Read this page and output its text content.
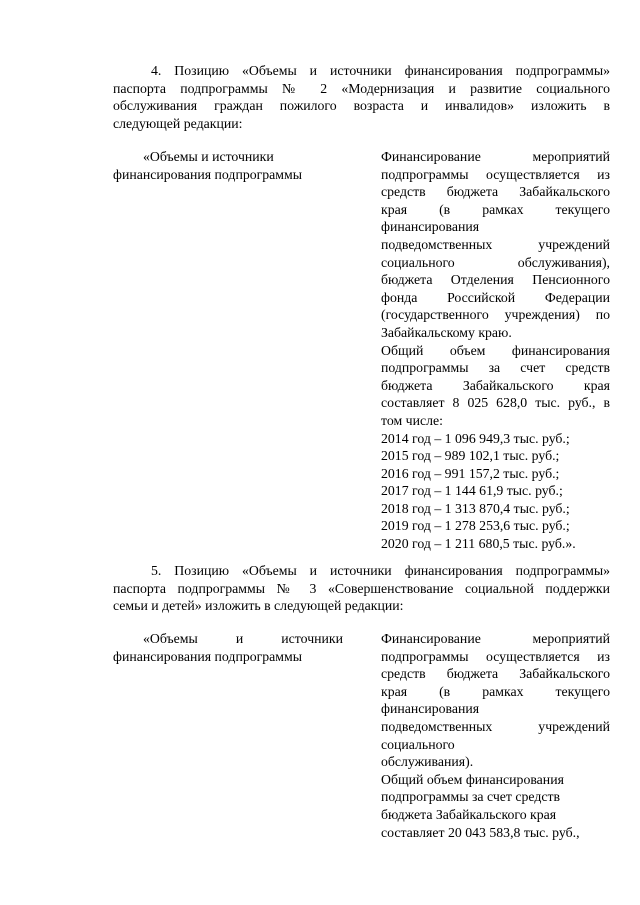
4. Позицию «Объемы и источники финансирования подпрограммы»
паспорта подпрограммы № 2 «Модернизация и развитие социального
обслуживания граждан пожилого возраста и инвалидов» изложить в
следующей редакции:
«Объемы и источники
финансирования подпрограммы
Финансирование мероприятий
подпрограммы осуществляется из
средств бюджета Забайкальского
края (в рамках текущего
финансирования
подведомственных учреждений
социального обслуживания),
бюджета Отделения Пенсионного
фонда Российской Федерации
(государственного учреждения) по
Забайкальскому краю.
Общий объем финансирования
подпрограммы за счет средств
бюджета Забайкальского края
составляет 8 025 628,0 тыс. руб., в
том числе:
2014 год – 1 096 949,3 тыс. руб.;
2015 год – 989 102,1 тыс. руб.;
2016 год – 991 157,2 тыс. руб.;
2017 год – 1 144 61,9 тыс. руб.;
2018 год – 1 313 870,4 тыс. руб.;
2019 год – 1 278 253,6 тыс. руб.;
2020 год – 1 211 680,5 тыс. руб.».
5. Позицию «Объемы и источники финансирования подпрограммы»
паспорта подпрограммы № 3 «Совершенствование социальной поддержки
семьи и детей» изложить в следующей редакции:
«Объемы и источники
финансирования подпрограммы
Финансирование мероприятий
подпрограммы осуществляется из
средств бюджета Забайкальского
края (в рамках текущего
финансирования
подведомственных учреждений
социального
обслуживания).
Общий объем финансирования
подпрограммы за счет средств
бюджета Забайкальского края
составляет 20 043 583,8 тыс. руб.,
